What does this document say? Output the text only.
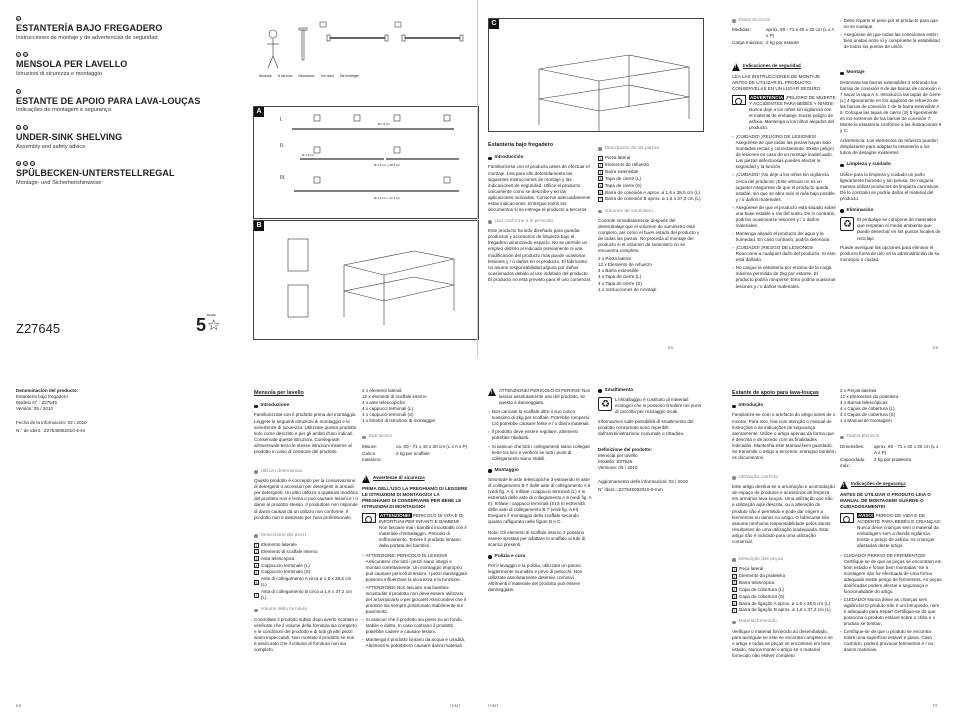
ES
ESTANTERÍA BAJO FREGADERO
Instrucciones de montaje y de advertencias de seguridad
IT	MT
MENSOLA PER LAVELLO
Istruzioni di sicurezza e montaggio
PT
ESTANTE DE APOIO PARA LAVA-LOUÇAS
Indicações de montagem e segurança
GB MT
UNDER-SINK SHELVING
Assembly and safety advice
DE AT	CH
SPÜLBECKEN-UNTERSTELLREGAL
Montage- und Sicherheitshinweise
Z27645	5 ☆
JAHRE
Necesita Vi servono Necessário You need Sie benötigen
A
I.
II.
III.
Ø 1,6 cm
Ø 1,6 cm x 38,5 cm
Ø 1,6 cm x 37,2 cm
Ø 1,6 cm
B
C
Estantería bajo fregadero
Introducción

Familiarícese con el producto antes de efectuar el montaje. Lea para ello detenidamente las siguientes instrucciones de montaje y las indicaciones de seguridad. Utilice el producto únicamente como se describe y en las aplicaciones indicadas. Conserve adecuadamente estas indicaciones. Entregue todos los documentos si se entrega el producto a terceros.

Uso conforme a lo prescrito

Este producto ha sido diseñado para guardar productos y accesorios de limpieza bajo el fregadero alcanzando espacio. No se permite un empleo distinto al indicado previamente ni una modificación del producto más puede ocasionar lesiones y / o daños en el producto. El fabricante no asume responsabilidad alguna por daños ocasionados debido al uso indebido del producto. El producto no está previsto para el uso comercial.

Descripción de las piezas
1 Pieza lateral
2 Elemento de refuerzo
3 Barra extensible
4 Tapa de cierre (L)
5 Tapa de cierre (S)
6 Barra de conexión A aprox. ø 1,6 x 38,5 cm (L)
7 Barra de conexión B aprox. ø 1,6 x 37,2 cm (L)
Volumen de suministro

Controle inmediatamente después del desembalaje que el volumen de suministro esté completo, así como el buen estado del producto y de todas las piezas. No proceda al montaje del producto si el volumen de suministro no se encuentra completo.

2 x Pieza lateral
12 x Elemento de refuerzo
4 x Barra extensible
4 x Tapa de cierre (L)
4 x Tapa de cierre (S)
1 x Instrucciones de montaje
ES
Datos técnicos
Medidas:	aprox. 60 - 71 x 40 x 30 cm (L x A x P)
Carga máxima: 2 kg por estante
!
Indicaciones de seguridad

LEA LAS INSTRUCCIONES DE MONTAJE ANTES DE UTILIZAR EL PRODUCTO. CONSÉRVELAS EN UN LUGAR SEGURO.

ADVERTENCIA ¡PELIGRO DE MUERTE Y ACCIDENTES PARA BEBÉS Y NIÑOS! Nunca deje a los niños sin vigilancia con el material de embalaje. Existe peligro de asfixia. Mantenga a los niños alejados del producto.
▫ ¡CUIDADO! ¡PELIGRO DE LESIONES! Asegúrese de que todas las piezas hayan sido montadas rectas y correctamente. Existe peligro de lesiones en caso de un montaje inadecuado. Las piezas defectuosas pueden afectar la seguridad y la función.
▫ ¡CUIDADO! ¡No deje a los niños sin vigilancia cerca del producto! ¡Este artículo no es un juguete! Asegúrese de que el producto queda estable, sin que se abra solo el más bajo posible y / o daños materiales.
▫ Asegúrese de que el producto está situado sobre una base estable a ras del suelo. De lo contrario, podrían ocasionarse lesiones y / o daños materiales.
▫ Mantenga alejado el producto del agua y la humedad. En caso contrario, podría deteriorar.
▫ ¡CUIDADO! ¡RIESGO DE LESIONES! Reaccione a cualquier daño del producto. Si éste está dañado.
▫ No cargue la estantería por encima de la carga máxima permitida de 2kg por estante. El producto podría romperse. Esto podría ocasionar lesiones y / o daños materiales.
▫ Debe repartir el peso por el producto para que no se vuelque.
▫ Asegúrese de que todas las conexiones estén bien unidas entre sí y compruebe la estabilidad de todos los puntos de unión.
Montaje

Desmonte las barras extensibles 3 retirando las barras de conexión 6 de las barras de conexión A 7 sacar la tapa A 4. Introduzca las tapas de cierre (L) 4 ligeramente en los agujeros de refuerzo de las barras de conexión 1 de la barra extensible A 6. Coloque las tapas de cierre (S) 5 ligeramente en los extremos de las barras de conexión 7. Monte la estantería conforme a las ilustraciones II y C.

Advertencia: Los elementos de refuerzo pueden desplazarse para adaptar la estantería a los tubos de desagüe existentes.

Limpieza y cuidado

Utilice para la limpieza y cuidado un paño ligeramente húmedo y sin pelusa. De ninguna manera utilizar productos de limpieza corrosivos. De lo contrario se podría dañar el material del producto.

Eliminación
♻
El embalaje se compone de materiales que respetan el medio ambiente que puede desechar en los puntos locales de reciclaje.

Puede averiguar las opciones para eliminar el producto fuera de uso en la administración de su municipio o ciudad.

ES
Denominación del producto:
Estantería bajo fregadero
Modelo N°.: Z27645
Versión: 05 / 2010

Fecha de la información: 02 / 2010

N.° de ident.: Z27645052010-5-es

ES
Mensola per lavello
Introduzione

Familiarizzate con il prodotto prima del montaggio. Leggete le seguenti istruzioni di montaggio e le avvertenze di sicurezza. Utilizzate questo prodotto solo come descritto e per gli ambiti d'uso indicati. Conservate queste istruzioni. Consegnate all'eventuale terzo le stesse istruzioni insieme al prodotto in caso di cessione del prodotto.

Utilizzo determinato

Questo prodotto è concepito per la conservazione di detergenti o accessori per detergenti in armadi per detergenti. Un altro utilizzo o qualsiasi modifica del prodotto non è lecita e può causare lesioni e / o danni al prodotto stesso. Il produttore non risponde di danni causati da un utilizzo non conforme. Il prodotto non è destinato per l'uso professionale.

Descrizione dei pezzi
1 Elemento laterale
2 Elemento di scaffale interno
3 Asta telescopica
4 Cappuccio terminale (L)
5 Cappuccio terminale (S)
6
Asta di collegamento A circa ø 1,6 x 38,5 cm (L)
7
Asta di collegamento B circa ø 1,6 x 37,2 cm (L)
Volume della fornitura

Controllate il prodotto subito dopo averlo scartato e verificate che il volume della fornitura sia completo e le condizioni del prodotto e di tutti gli altri pezzi siano impeccabili. Non montate il prodotto se non è assicurato che il volume di fornitura non sia completo.

2 x elementi laterali
12 x elementi di scaffale interno
4 x aste telescopiche
4 x cappucci terminali (L)
4 x cappucci terminali (S)
1 x libretto di istruzioni di montaggio
Dati tecnici
Misure:	ca. 60 - 71 x 40 x 30 cm (L x A x P)
Carico massimo:
2 kg per scaffale
!
Avvertenze di sicurezza

PRIMA DELL'USO LA PREGHIAMO DI LEGGERE LE ISTRUZIONI DI MONTAGGIO! LA PREGHIAMO DI CONSERVARE PER BENE LE ISTRUZIONI DI MONTAGGIO!

ATTENZIONE! PERICOLO DI VITA E DI INFORTUNI PER INFANTI E BAMBINI! Non lasciare mai i bambini incustoditi con il materiale d'imballaggio. Pericolo di soffocamento. Tenere il prodotto lontano dalla portata dei bambini.
▫ ATTENZIONE! PERICOLO DI LESIONI! Assicuratevi che tutti i pezzi siano integri e montati correttamente. Un montaggio improprio può causare pericoli di lesioni. I pezzi danneggiati possono influenzare la sicurezza e la funzione.
▫ ATTENZIONE! Non lasciare mai bambini incustoditi! Il prodotto non deve essere utilizzato per arrampicarsi o per giocare! Assicuratevi che il prodotto sia sempre posizionato stabilmente sul pavimento.
▫ Si assicuri che il prodotto sia posto su un fondo stabile e diritto. In caso contrario il prodotto potrebbe cadere e causare lesioni.
▫ Mantenga il prodotto lontano da acqua e umidità. Altrimenti si potrebbero causare danni materiali.
!
ATTENZIONE! PERICOLO DI FERIRSI! Non lasciar assolutamente uso del prodotto, se questo è danneggiato.
▫ Non caricate lo scaffale oltre il suo carico massimo di 2kg per scaffale. Potrebbe rompersi. Ciò potrebbe causare ferite e / o danni materiali.
▫ Il prodotto deve essere regolare, altrimenti potrebbe ribaltarsi.
▫ Si assicuri che tutti i collegamenti siano collegati bene tra loro e verifichi se tutti i punti di collegamento siano stabili.
Montaggio

Smontate le aste telescopiche 3 estraendo le aste di collegamento B 7 dalle aste di collegamento A 6 (vedi fig. A I). Infilate i cappucci terminali (L) 4 in estremità delle aste di collegamento A 6 (vedi fig. A II). Infilate i cappucci terminali (S) 5 in estremità delle aste di collegamento B 7 (vedi fig. A III). Eseguire il montaggio dello scaffale secondo quanto raffigurato nelle figure B e C.

Nota: Gli elementi di scaffale interno 2 possono essere spostati per adattare lo scaffale ai tubi di scarico presenti.

Pulizia e cura

Per il lavaggio e la pulizia, utilizzate un panno leggermente inumidito e privo di pelucchi. Non utilizzate assolutamente detersivi corrosivi. Altrimenti il materiale del prodotto può essere danneggiato.

Smaltimento
♻
L'imballaggio è costituito di materiali ecologici che si possono smaltire nei punti di raccolta per riciclaggio locali.

Informazioni sulle possibilità di smaltimento del prodotto consumato sono reperibili dall'amministrazione comunale o cittadina.

Definizione del prodotto:
Mensola per lavello
Modello: Z27645
Versione: 05 / 2010

Aggiornamento delle informazioni: 02 / 2010

N° Ident.: Z27645052010-5-mm

IT/MT	IT/MT
Estante de apoio para lava-louças
Introdução

Familiarize-se com o artefacto do artigo antes de o montar. Para isso, leia com atenção o manual de instruções e as indicações de segurança atentamente. Utilize o artigo apenas da forma que é descrita e de acordo com as finalidades indicadas. Mantenha este Manual bem guardado. Se transmitir o artigo a terceiros, entregue também os documentos.

Utilização correcta

Este artigo destina-se à arrumação e acomodação de espaço de produtos e acessórios de limpeza em armários lava-louças. Uma utilização que não a utilização aqui descrita, ou a alteração do produto não é permitida e pode dar origem a ferimentos ou danos no artigo. O fabricante não assume nenhuma responsabilidade pelos danos resultantes de uma utilização inadequada. Este artigo não é indicado para uma utilização comercial.

Descrição das peças
1 Peça lateral
2 Elemento da prateleira
3 Barra telescópica
4 Capa de cobertura (L)
5 Capa de cobertura (S)
6 Barra de ligação A aprox. ø 1,6 x 38,5 cm (L)
7 Barra de ligação B aprox. ø 1,6 x 37,2 cm (L)
Material fornecido

Verifique o material fornecido ao desembalado, para averiguar se este se encontra completo e se o artigo e todas as peças se encontram em bom estado. Nunca monte o artigo se o material fornecido não estiver completo.

2 x Peças laterais
12 x Elementos da prateleira
4 x Barras telescópicas
4 x Capas de cobertura (L)
4 x Capas de cobertura (S)
1 x Manual de montagem
Dados técnicos
Dimensões:	aprox. 60 - 71 x 40 x 30 cm (L x A x P)
Capacidade máx.:
2 kg por prateleira
!
Indicações de segurança

ANTES DE UTILIZAR O PRODUTO LEIA O MANUAL DE MONTAGEM! GUARDE-O CUIDADOSAMENTE!

AVISO! PERIGO DE VIDA E DE ACIDENTE PARA BEBÉS E CRIANÇAS! Nunca deixe crianças sem o material da embalagem sem a devida vigilância. Existe o perigo de asfixia. As crianças afastadas deste artigo.
▫ CUIDADO! PERIGO DE FERIMENTOS! Certifique-se de que as peças se encontram em bom estado e foram bem montadas. Se a montagem não for efectuada de uma forma adequada existe perigo de ferimentos. As peças danificadas podem afectar a segurança e funcionalidade do artigo.
▫ CUIDADO! Nunca deixe as crianças sem vigilância! O produto não é um brinquedo, nem é adequado para trepar! Certifique-se de que posiciona o produto estável sobre o chão e o produto se tombar.
▫ Certifique-se de que o produto se encontra sobre uma superfície estável e plana. Caso contrário, poderá provocar ferimentos e / ou danos materiais.
PT
